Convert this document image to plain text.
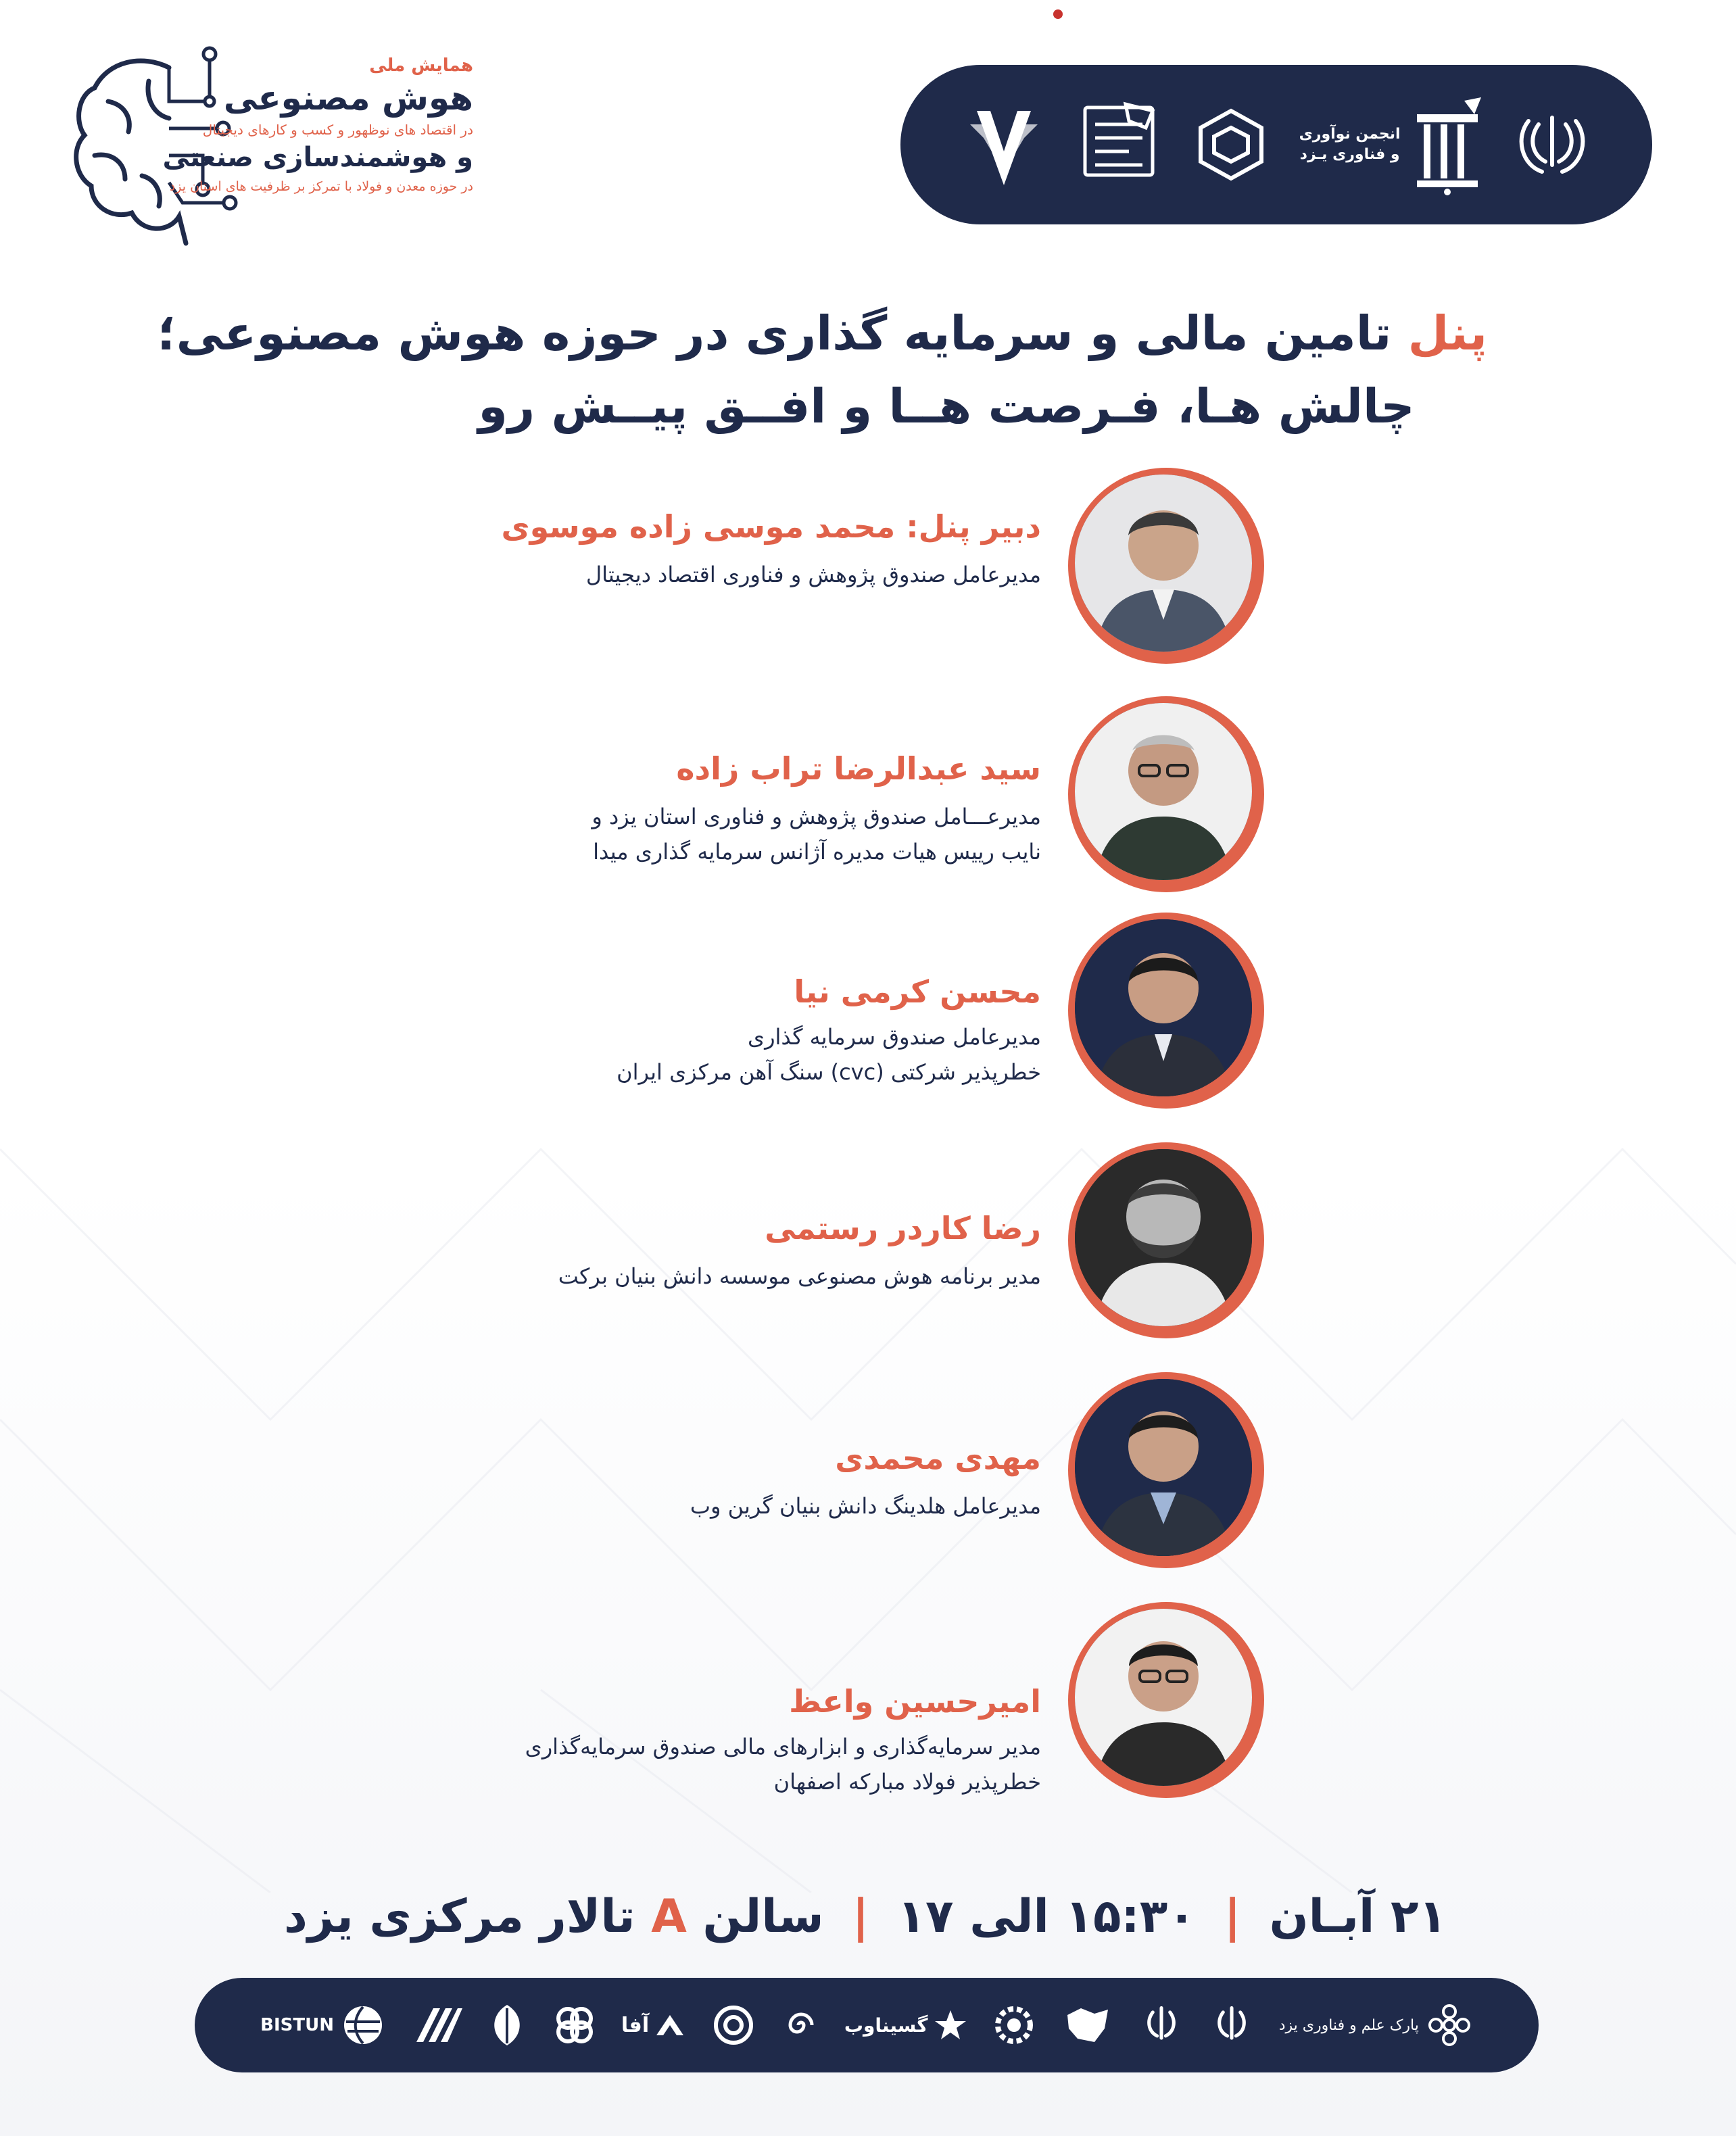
همایش ملی
هوش مصنوعی
در اقتصاد های نوظهور و کسب و کارهای دیجیتال
و هوشمندسازی صنعتی
در حوزه معدن و فولاد با تمرکز بر ظرفیت های استان یزد
انجمن نوآوری و فناوری یـزد
پنل تامین مالی و سرمایه گذاری در حوزه هوش مصنوعی؛
چالش هـا، فـرصت هــا و افــق پیــش رو
دبیر پنل: محمد موسی زاده موسوی
مدیرعامل صندوق پژوهش و فناوری اقتصاد دیجیتال
سید عبدالرضا تراب زاده
مدیرعـــامل صندوق پژوهش و فناوری استان یزد و
نایب رییس هیات مدیره آژانس سرمایه گذاری میدا
محسن کرمی نیا
مدیرعامل صندوق سرمایه گذاری
خطرپذیر شرکتی (cvc) سنگ آهن مرکزی ایران
رضا کاردر رستمی
مدیر برنامه هوش مصنوعی موسسه دانش بنیان برکت
مهدی محمدی
مدیرعامل هلدینگ دانش بنیان گرین وب
امیرحسین واعظ
مدیر سرمایه‌گذاری و ابزارهای مالی صندوق سرمایه‌گذاری
خطرپذیر فولاد مبارکه اصفهان
۲۱ آبـان
|
۱۵:۳۰ الی ۱۷
|
سالن A تالار مرکزی یزد
پارک علم و فناوری یزد
گسیناوب
آفا
BISTUN
